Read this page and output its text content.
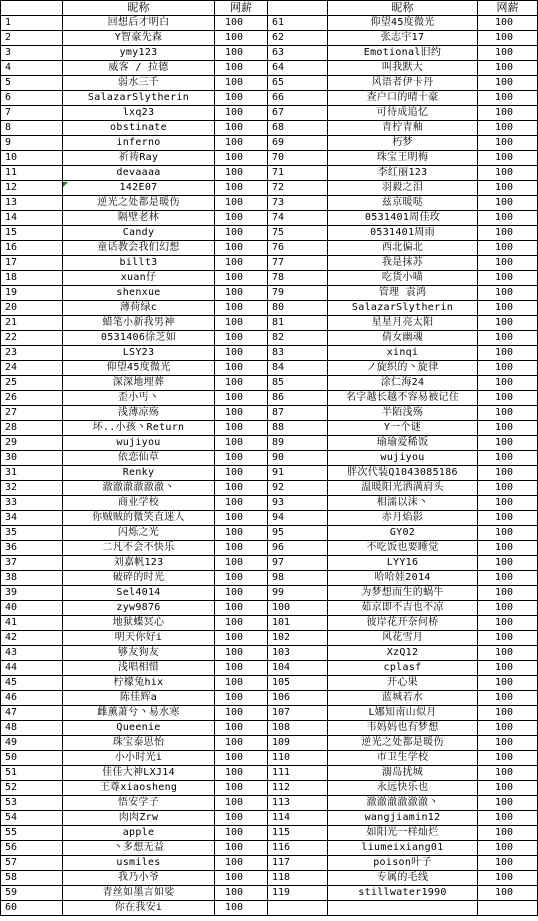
	昵称	网薪		昵称	网薪
1	回想后才明白	100	61	仰望45度微光	100
2	Y智豪先森	100	62	张志宇17	100
3	ymy123	100	63	Emotional旧约	100
4	威客 / 拉德	100	64	叫我默大	100
5	弱水三千	100	65	风语者伊卡丹	100
6	SalazarSlytherin	100	66	查户口的晴十豪	100
7	lxq23	100	67	可待成追忆	100
8	obstinate	100	68	青柠青釉	100
9	inferno	100	69	朽梦	100
10	祈祷Ray	100	70	珠宝王明梅	100
11	devaaaa	100	71	李红丽123	100
12	142E07	100	72	羽毅之泪	100
13	逆光之处都是暖伤	100	73	兹京暖哒	100
14	隔壁老林	100	74	0531401周佳玫	100
15	Candy	100	75	0531401周雨	100
16	童话教会我们幻想	100	76	西北偏北	100
17	billt3	100	77	我是抹苏	100
18	xuan仔	100	78	吃货小喵	100
19	shenxue	100	79	管理 袁鸿	100
20	薄荷绿c	100	80	SalazarSlytherin	100
21	蜡笔小新我男神	100	81	星星月亮太阳	100
22	0531406徐芝如	100	82	倩女幽魂	100
23	LSY23	100	83	xinqi	100
24	仰望45度微光	100	84	ノ旋织的丶旋律	100
25	深深地埋葬	100	85	涂仁海24	100
26	歪小丐丶	100	86	名字越长越不容易被记住	100
27	浅薄凉殇	100	87	半陌浅殇	100
28	坏..小孩丶Return	100	88	Y一个谜	100
29	wujiyou	100	89	瑜瑜爱稀饭	100
30	依恋仙草	100	90	wujiyou	100
31	Renky	100	91	胖次代装Q1043085186	100
32	澈澈澈澈澈澈丶	100	92	温暖阳光洒满肩头	100
33	商业学校	100	93	相濡以沫丶	100
34	你贼贼的微笑直迷人	100	94	赤月焰影	100
35	闪烁之光	100	95	GY02	100
36	二凡不会不快乐	100	96	不吃饭也要睡觉	100
37	刘嘉帆123	100	97	LYY16	100
38	破碎的时光	100	98	哈哈娃2014	100
39	Sel4014	100	99	为梦想而生的蜗牛	100
40	zyw9876	100	100	茹京即不吉也不凉	100
41	地狱蝶冥心	100	101	彼岸花开奈何桥	100
42	明天你好i	100	102	风花雪月	100
43	够友狗友	100	103	XzQ12	100
44	浅唱相惜	100	104	cplasf	100
45	柠檬兔hix	100	105	开心果	100
46	陈佳辉a	100	106	蓝城若水	100
47	雌薰萧兮丶易水寒	100	107	L娜知南山似月	100
48	Queenie	100	108	韦妈妈也有梦想	100
49	珠宝泰思怡	100	109	逆光之处都是暖伤	100
50	小小时光i	100	110	市卫生学校	100
51	佳佳大神LXJ14	100	111	溺岛扰城	100
52	王尊xiaosheng	100	112	永远快乐也	100
53	悟安学子	100	113	澈澈澈澈澈澈丶	100
54	肉肉Zrw	100	114	wangjiamin12	100
55	apple	100	115	如阳光一样灿烂	100
56	丶多想无益	100	116	liumeixiang01	100
57	usmiles	100	117	poison叶子	100
58	我乃小爷	100	118	专属的毛线	100
59	青丝如墨言如娑	100	119	stillwater1990	100
60	你在我安i	100			
